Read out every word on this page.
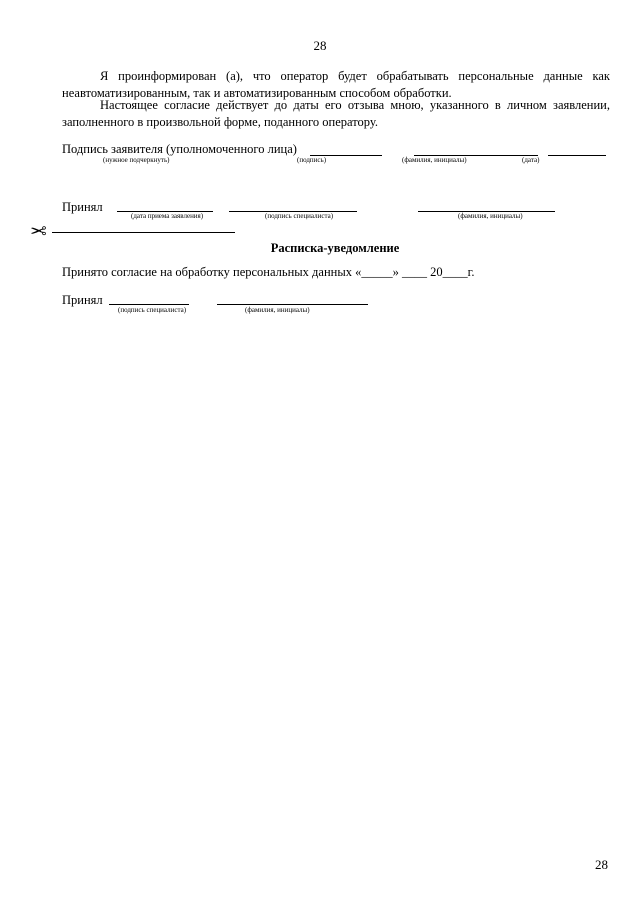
28
Я проинформирован (а), что оператор будет обрабатывать персональные данные как неавтоматизированным, так и автоматизированным способом обработки.
Настоящее согласие действует до даты его отзыва мною, указанного в личном заявлении, заполненного в произвольной форме, поданного оператору.
Подпись заявителя (уполномоченного лица)
(нужное подчеркнуть)	(подпись)	(фамилия, инициалы)	(дата)
Принял
(дата приема заявления)	(подпись специалиста)	(фамилия, инициалы)
✂
Расписка-уведомление
Принято согласие на обработку персональных данных «_____» ____ 20____г.
Принял
(подпись специалиста)	(фамилия, инициалы)
28
